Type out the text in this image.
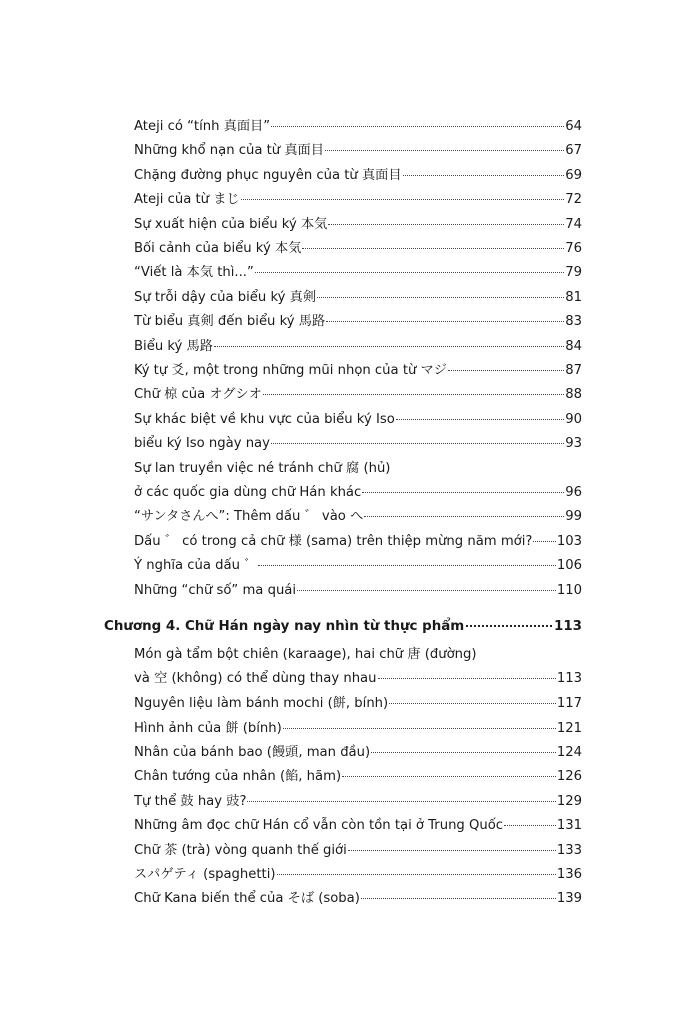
Ateji có “tính 真面目”	64
Những khổ nạn của từ 真面目	67
Chặng đường phục nguyên của từ 真面目	69
Ateji của từ まじ	72
Sự xuất hiện của biểu ký 本気	74
Bối cảnh của biểu ký 本気	76
“Viết là 本気 thì...”	79
Sự trỗi dậy của biểu ký 真剣	81
Từ biểu 真剣 đến biểu ký 馬路	83
Biểu ký 馬路	84
Ký tự 爻, một trong những mũi nhọn của từ マジ	87
Chữ 椋 của オグシオ	88
Sự khác biệt về khu vực của biểu ký Iso	90
biểu ký Iso ngày nay	93
Sự lan truyền việc né tránh chữ 腐 (hủ)
ở các quốc gia dùng chữ Hán khác	96
“サンタさんへ”: Thêm dấu ゛ vào へ	99
Dấu ゛ có trong cả chữ 様 (sama) trên thiệp mừng năm mới? 103
Ý nghĩa của dấu ゛	106
Những “chữ số” ma quái	110
Chương 4. Chữ Hán ngày nay nhìn từ thực phẩm	113
Món gà tẩm bột chiên (karaage), hai chữ 唐 (đường)
và 空 (không) có thể dùng thay nhau	113
Nguyên liệu làm bánh mochi (餅, bính)	117
Hình ảnh của 餅 (bính)	121
Nhân của bánh bao (饅頭, man đầu)	124
Chân tướng của nhân (餡, hãm)	126
Tự thể 鼓 hay 豉?	129
Những âm đọc chữ Hán cổ vẫn còn tồn tại ở Trung Quốc	131
Chữ 茶 (trà) vòng quanh thế giới	133
スパゲティ (spaghetti)	136
Chữ Kana biến thể của そば (soba)	139
